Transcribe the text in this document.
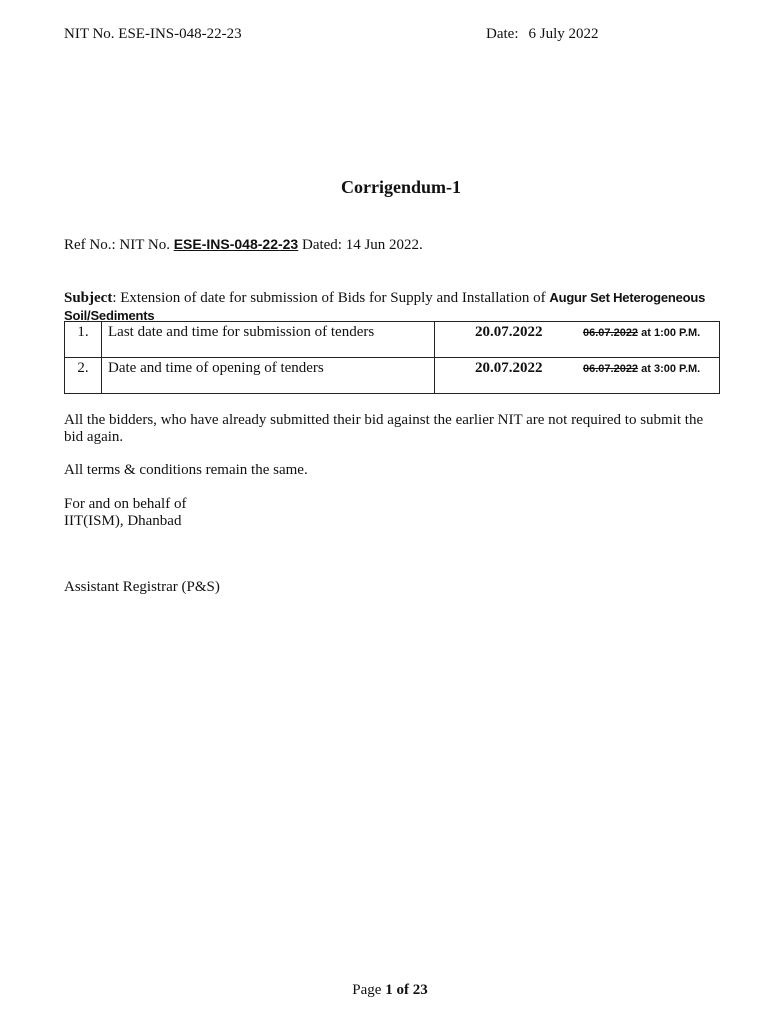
NIT No. ESE-INS-048-22-23	Date: 6 July 2022
Corrigendum-1
Ref No.: NIT No. ESE-INS-048-22-23 Dated: 14 Jun 2022.
Subject: Extension of date for submission of Bids for Supply and Installation of Augur Set Heterogeneous
Soil/Sediments
1.	Last date and time for submission of tenders	20.07.2022 06.07.2022 at 1:00 P.M.
2.	Date and time of opening of tenders	20.07.2022 06.07.2022 at 3:00 P.M.
All the bidders, who have already submitted their bid against the earlier NIT are not required to submit the bid again.
All terms & conditions remain the same.
For and on behalf of
IIT(ISM), Dhanbad
Assistant Registrar (P&S)
Page 1 of 23
